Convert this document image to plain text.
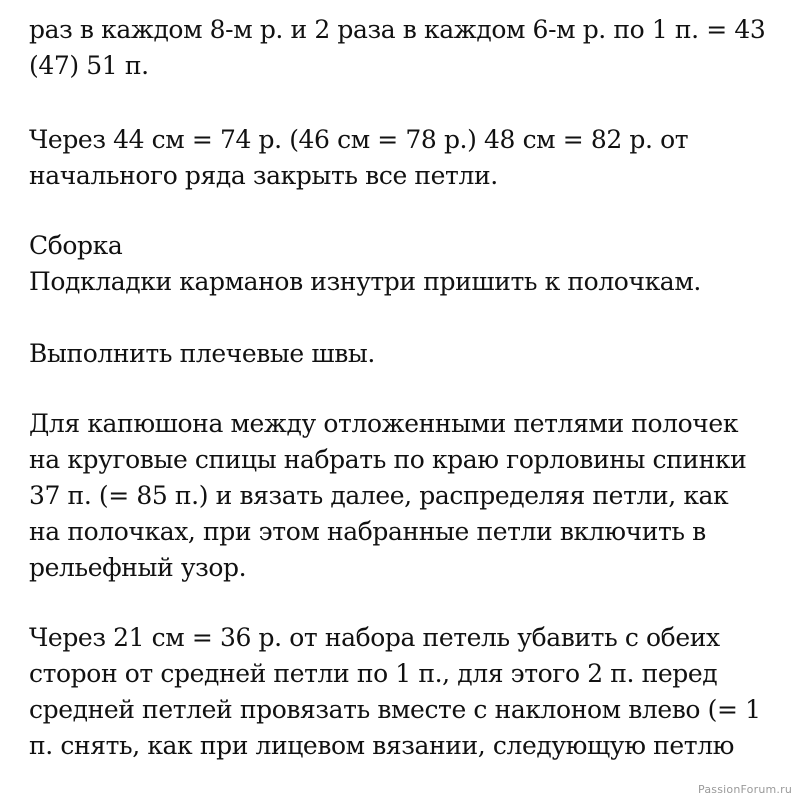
раз в каждом 8-м р. и 2 раза в каждом 6-м р. по 1 п. = 43

(47) 51 п.

Через 44 см = 74 р. (46 см = 78 р.) 48 см = 82 р. от

начального ряда закрыть все петли.

Сборка

Подкладки карманов изнутри пришить к полочкам.

Выполнить плечевые швы.

Для капюшона между отложенными петлями полочек

на круговые спицы набрать по краю горловины спинки

37 п. (= 85 п.) и вязать далее, распределяя петли, как

на полочках, при этом набранные петли включить в

рельефный узор.

Через 21 см = 36 р. от набора петель убавить с обеих

сторон от средней петли по 1 п., для этого 2 п. перед

средней петлей провязать вместе с наклоном влево (= 1

п. снять, как при лицевом вязании, следующую петлю

PassionForum.ru
